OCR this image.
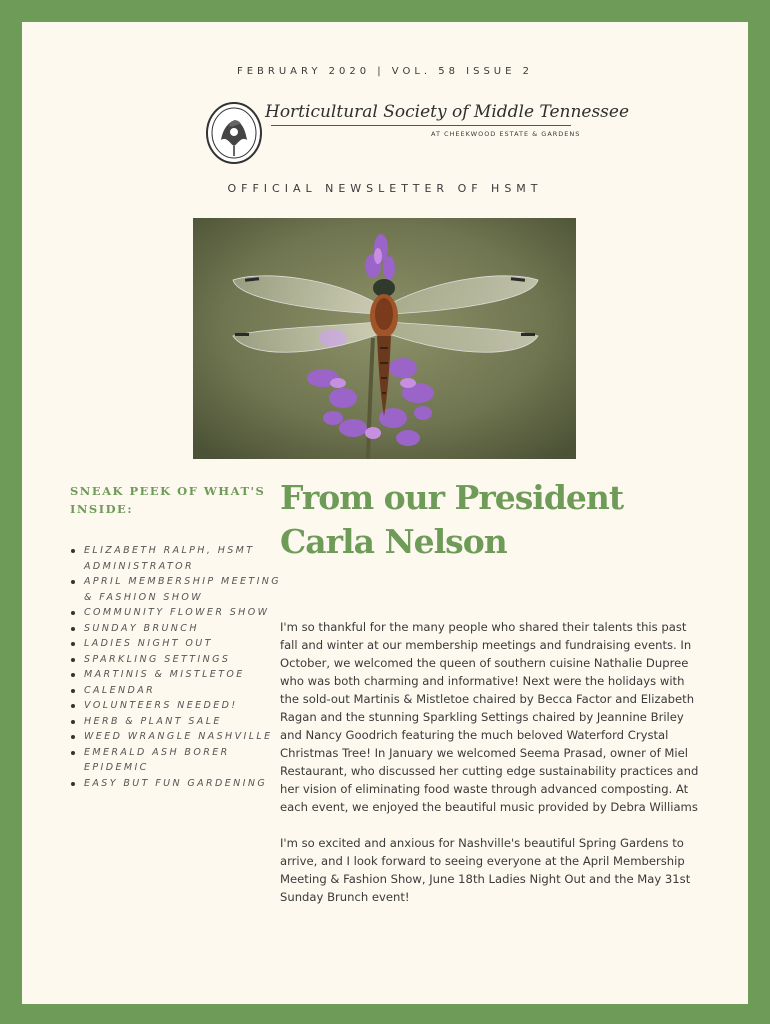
FEBRUARY 2020 | VOL. 58 ISSUE 2
Horticultural Society of Middle Tennessee
AT CHEEKWOOD ESTATE & GARDENS
OFFICIAL NEWSLETTER OF HSMT
SNEAK PEEK OF WHAT'S INSIDE:
ELIZABETH RALPH, HSMT ADMINISTRATOR
APRIL MEMBERSHIP MEETING & FASHION SHOW
COMMUNITY FLOWER SHOW
SUNDAY BRUNCH
LADIES NIGHT OUT
SPARKLING SETTINGS
MARTINIS & MISTLETOE
CALENDAR
VOLUNTEERS NEEDED!
HERB & PLANT SALE
WEED WRANGLE NASHVILLE
EMERALD ASH BORER EPIDEMIC
EASY BUT FUN GARDENING
From our President Carla Nelson

I'm so thankful for the many people who shared their talents this past fall and winter at our membership meetings and fundraising events. In October, we welcomed the queen of southern cuisine Nathalie Dupree who was both charming and informative! Next were the holidays with the sold-out Martinis & Mistletoe chaired by Becca Factor and Elizabeth Ragan and the stunning Sparkling Settings chaired by Jeannine Briley and Nancy Goodrich featuring the much beloved Waterford Crystal Christmas Tree! In January we welcomed Seema Prasad, owner of Miel Restaurant, who discussed her cutting edge sustainability practices and her vision of eliminating food waste through advanced composting. At each event, we enjoyed the beautiful music provided by Debra Williams

I'm so excited and anxious for Nashville's beautiful Spring Gardens to arrive, and I look forward to seeing everyone at the April Membership Meeting & Fashion Show, June 18th Ladies Night Out and the May 31st Sunday Brunch event!
